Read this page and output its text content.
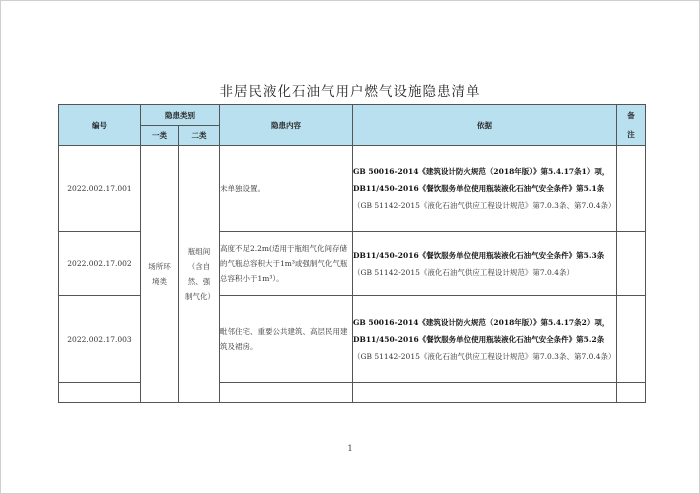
非居民液化石油气用户燃气设施隐患清单
编号	隐患类别		隐患内容	依据	备
注

	一类	二类			
2022.002.17.001	场所环境类	瓶组间（含自然、强制气化）	未单独设置。	GB 50016-2014《建筑设计防火规范（2018年版）》第5.4.17条1）项，DB11/450-2016《餐饮服务单位使用瓶装液化石油气安全条件》第5.1条（GB 51142-2015《液化石油气供应工程设计规范》第7.0.3条、第7.0.4条）	
2022.002.17.002			高度不足2.2m(适用于瓶组气化间存储的气瓶总容积大于1m³或强制气化气瓶总容积小于1m³）。	DB11/450-2016《餐饮服务单位使用瓶装液化石油气安全条件》第5.3条（GB 51142-2015《液化石油气供应工程设计规范》第7.0.4条）	
2022.002.17.003			毗邻住宅、重要公共建筑、高层民用建筑及裙房。	GB 50016-2014《建筑设计防火规范（2018年版）》第5.4.17条2）项，DB11/450-2016《餐饮服务单位使用瓶装液化石油气安全条件》第5.2条（GB 51142-2015《液化石油气供应工程设计规范》第7.0.3条、第7.0.4条）	

1
